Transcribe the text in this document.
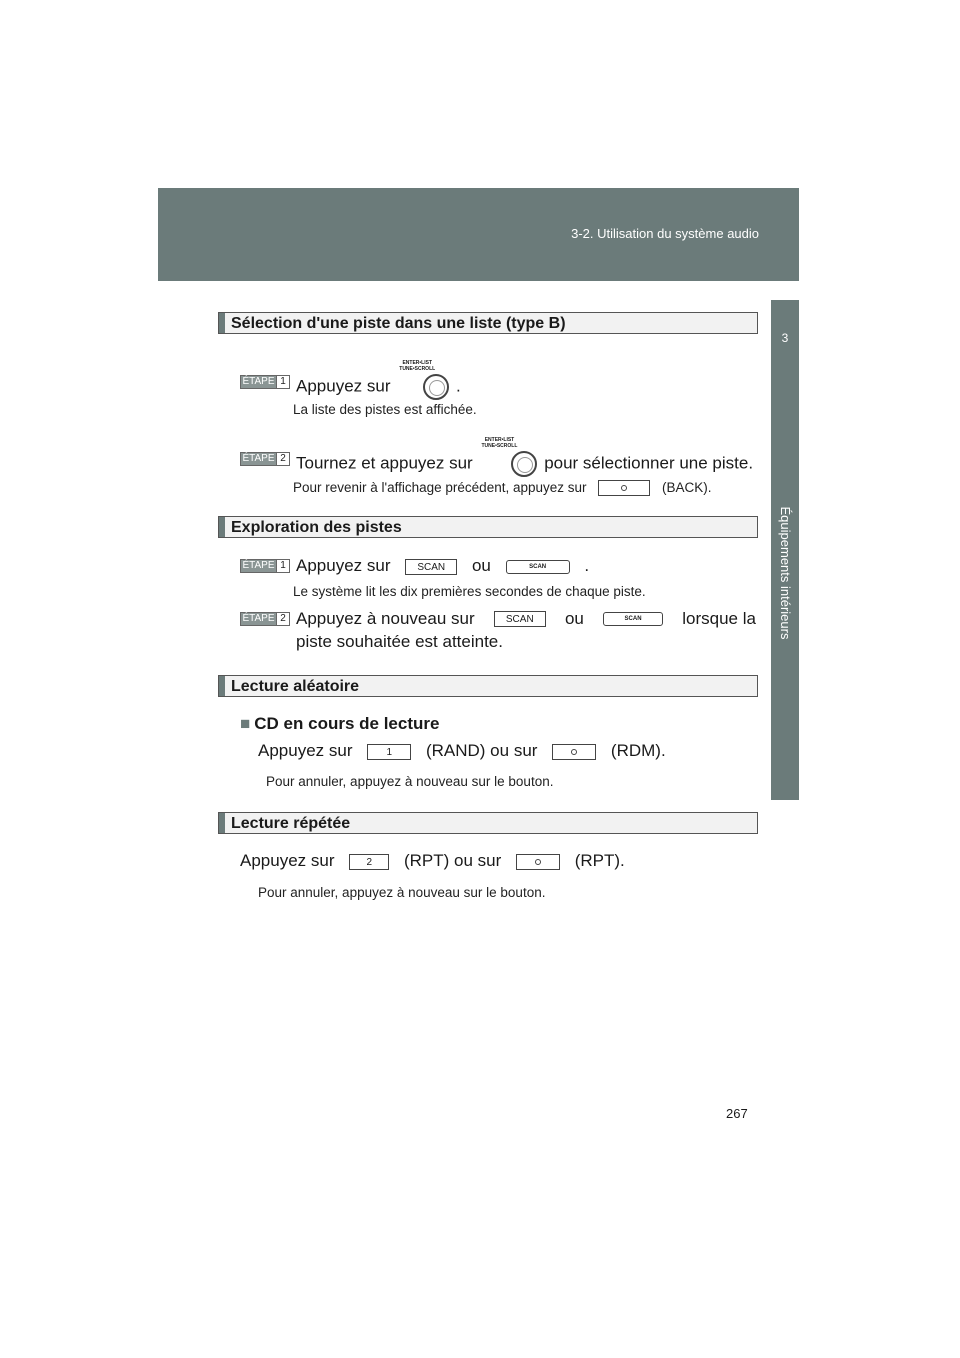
3-2. Utilisation du système audio
3
Équipements intérieurs
Sélection d'une piste dans une liste (type B)
ÉTAPE 1 Appuyez sur
ENTER•LIST
TUNE•SCROLL
.
La liste des pistes est affichée.
ÉTAPE 2 Tournez et appuyez sur
ENTER•LIST
TUNE•SCROLL
pour sélectionner une piste.
Pour revenir à l'affichage précédent, appuyez sur	(BACK).
Exploration des pistes
ÉTAPE 1 Appuyez sur	SCAN ou	SCAN .
Le système lit les dix premières secondes de chaque piste.
ÉTAPE 2 Appuyez à nouveau sur	SCAN	ou	SCAN	lorsque la
piste souhaitée est atteinte.
Lecture aléatoire
■ CD en cours de lecture
Appuyez sur	1 (RAND) ou sur	(RDM).
Pour annuler, appuyez à nouveau sur le bouton.
Lecture répétée
Appuyez sur	2 (RPT) ou sur	(RPT).
Pour annuler, appuyez à nouveau sur le bouton.
267
